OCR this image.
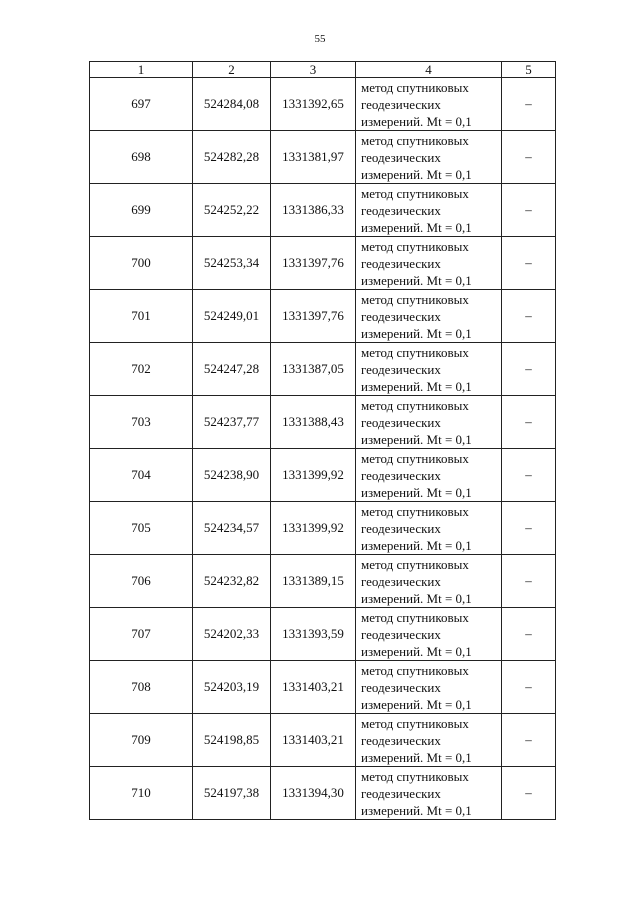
55
1	2	3	4	5
697	524284,08	1331392,65	метод спутниковых геодезических измерений. Mt = 0,1	–
698	524282,28	1331381,97	метод спутниковых геодезических измерений. Mt = 0,1	–
699	524252,22	1331386,33	метод спутниковых геодезических измерений. Mt = 0,1	–
700	524253,34	1331397,76	метод спутниковых геодезических измерений. Mt = 0,1	–
701	524249,01	1331397,76	метод спутниковых геодезических измерений. Mt = 0,1	–
702	524247,28	1331387,05	метод спутниковых геодезических измерений. Mt = 0,1	–
703	524237,77	1331388,43	метод спутниковых геодезических измерений. Mt = 0,1	–
704	524238,90	1331399,92	метод спутниковых геодезических измерений. Mt = 0,1	–
705	524234,57	1331399,92	метод спутниковых геодезических измерений. Mt = 0,1	–
706	524232,82	1331389,15	метод спутниковых геодезических измерений. Mt = 0,1	–
707	524202,33	1331393,59	метод спутниковых геодезических измерений. Mt = 0,1	–
708	524203,19	1331403,21	метод спутниковых геодезических измерений. Mt = 0,1	–
709	524198,85	1331403,21	метод спутниковых геодезических измерений. Mt = 0,1	–
710	524197,38	1331394,30	метод спутниковых геодезических измерений. Mt = 0,1	–
